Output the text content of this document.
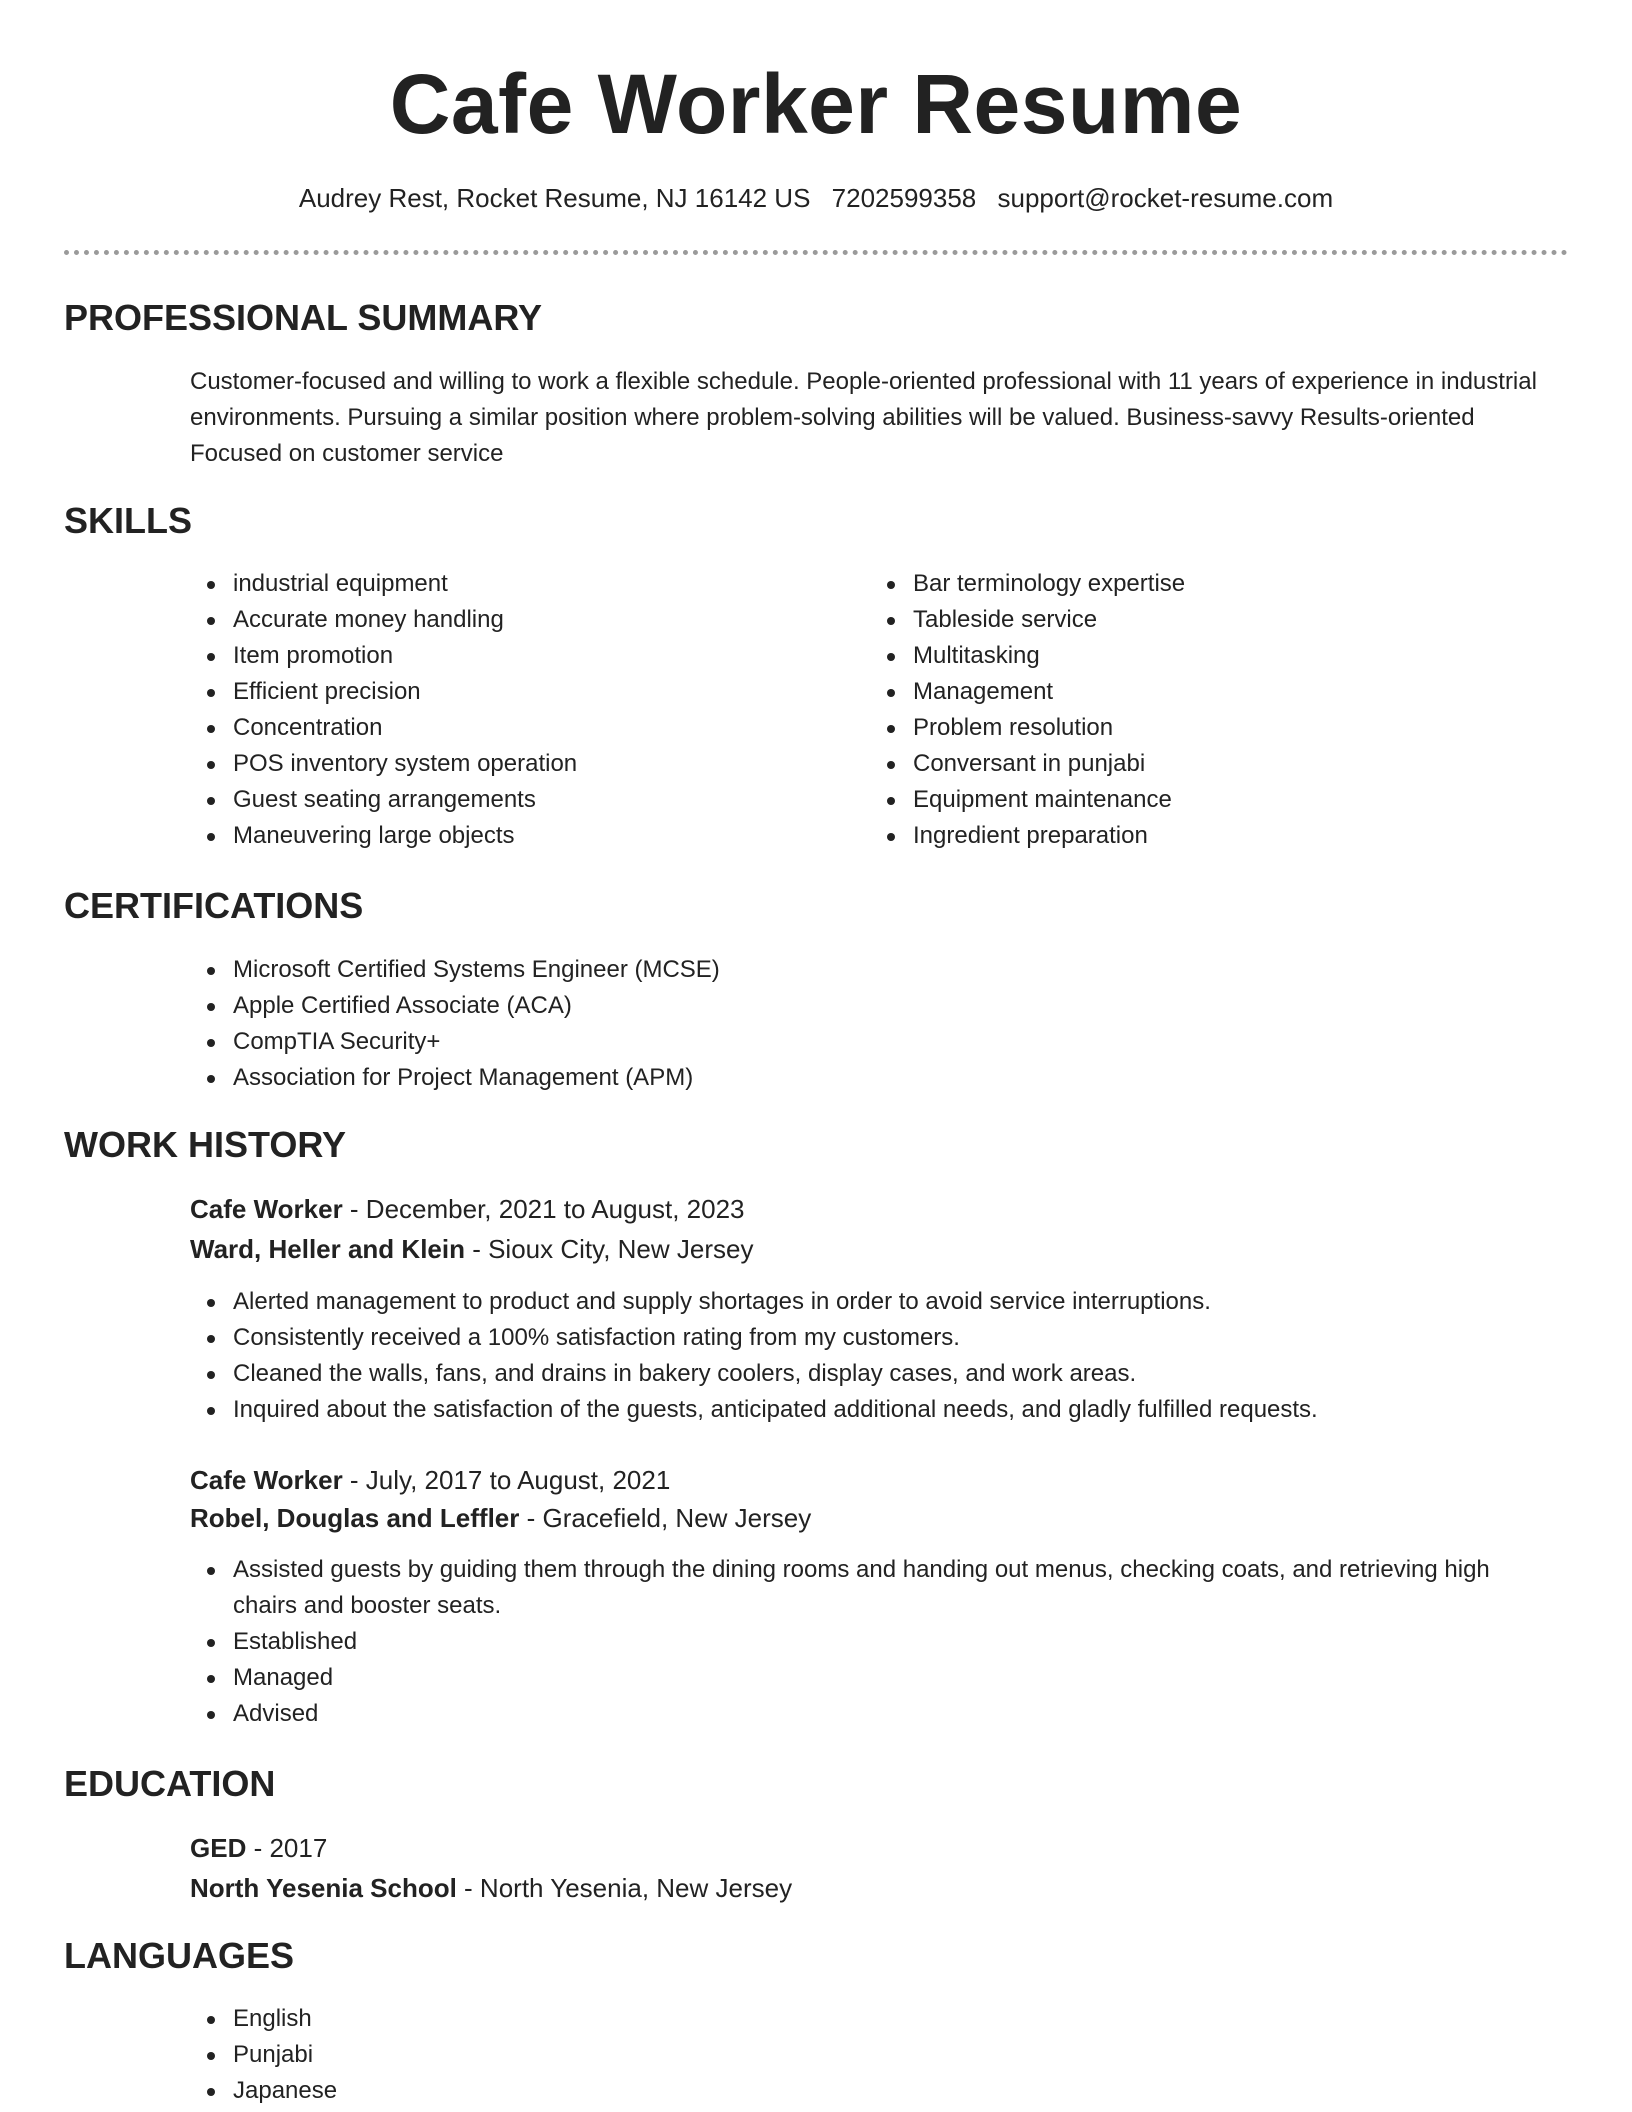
Cafe Worker Resume
Audrey Rest, Rocket Resume, NJ 16142 US 7202599358 support@rocket-resume.com
PROFESSIONAL SUMMARY

Customer-focused and willing to work a flexible schedule. People-oriented professional with 11 years of experience in industrial environments. Pursuing a similar position where problem-solving abilities will be valued. Business-savvy Results-oriented Focused on customer service

SKILLS
industrial equipment
Accurate money handling
Item promotion
Efficient precision
Concentration
POS inventory system operation
Guest seating arrangements
Maneuvering large objects
Bar terminology expertise
Tableside service
Multitasking
Management
Problem resolution
Conversant in punjabi
Equipment maintenance
Ingredient preparation
CERTIFICATIONS
Microsoft Certified Systems Engineer (MCSE)
Apple Certified Associate (ACA)
CompTIA Security+
Association for Project Management (APM)
WORK HISTORY
Cafe Worker - December, 2021 to August, 2023
Ward, Heller and Klein - Sioux City, New Jersey
Alerted management to product and supply shortages in order to avoid service interruptions.
Consistently received a 100% satisfaction rating from my customers.
Cleaned the walls, fans, and drains in bakery coolers, display cases, and work areas.
Inquired about the satisfaction of the guests, anticipated additional needs, and gladly fulfilled requests.
Cafe Worker - July, 2017 to August, 2021
Robel, Douglas and Leffler - Gracefield, New Jersey
Assisted guests by guiding them through the dining rooms and handing out menus, checking coats, and retrieving high chairs and booster seats.
Established
Managed
Advised
EDUCATION
GED - 2017
North Yesenia School - North Yesenia, New Jersey
LANGUAGES
English
Punjabi
Japanese
